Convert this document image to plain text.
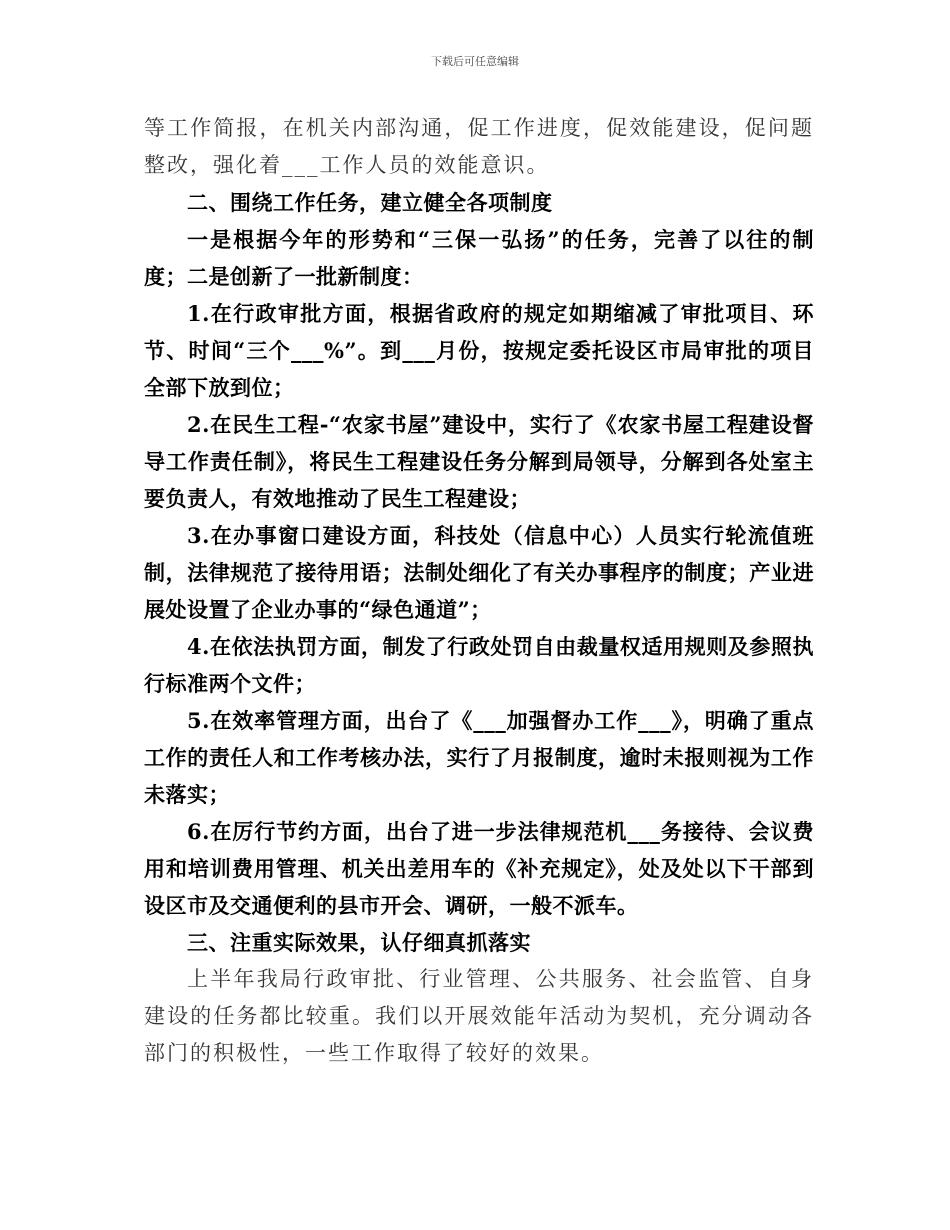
下载后可任意编辑

等工作简报，在机关内部沟通，促工作进度，促效能建设，促问题整改，强化着___工作人员的效能意识。

二、围绕工作任务，建立健全各项制度

一是根据今年的形势和“三保一弘扬”的任务，完善了以往的制度；二是创新了一批新制度：

1.在行政审批方面，根据省政府的规定如期缩减了审批项目、环节、时间“三个___%”。到___月份，按规定委托设区市局审批的项目全部下放到位；

2.在民生工程-“农家书屋”建设中，实行了《农家书屋工程建设督导工作责任制》，将民生工程建设任务分解到局领导，分解到各处室主要负责人，有效地推动了民生工程建设；

3.在办事窗口建设方面，科技处（信息中心）人员实行轮流值班制，法律规范了接待用语；法制处细化了有关办事程序的制度；产业进展处设置了企业办事的“绿色通道”；

4.在依法执罚方面，制发了行政处罚自由裁量权适用规则及参照执行标准两个文件；

5.在效率管理方面，出台了《___加强督办工作___》，明确了重点工作的责任人和工作考核办法，实行了月报制度，逾时未报则视为工作未落实；

6.在厉行节约方面，出台了进一步法律规范机___务接待、会议费用和培训费用管理、机关出差用车的《补充规定》，处及处以下干部到设区市及交通便利的县市开会、调研，一般不派车。

三、注重实际效果，认仔细真抓落实

上半年我局行政审批、行业管理、公共服务、社会监管、自身建设的任务都比较重。我们以开展效能年活动为契机，充分调动各部门的积极性，一些工作取得了较好的效果。
